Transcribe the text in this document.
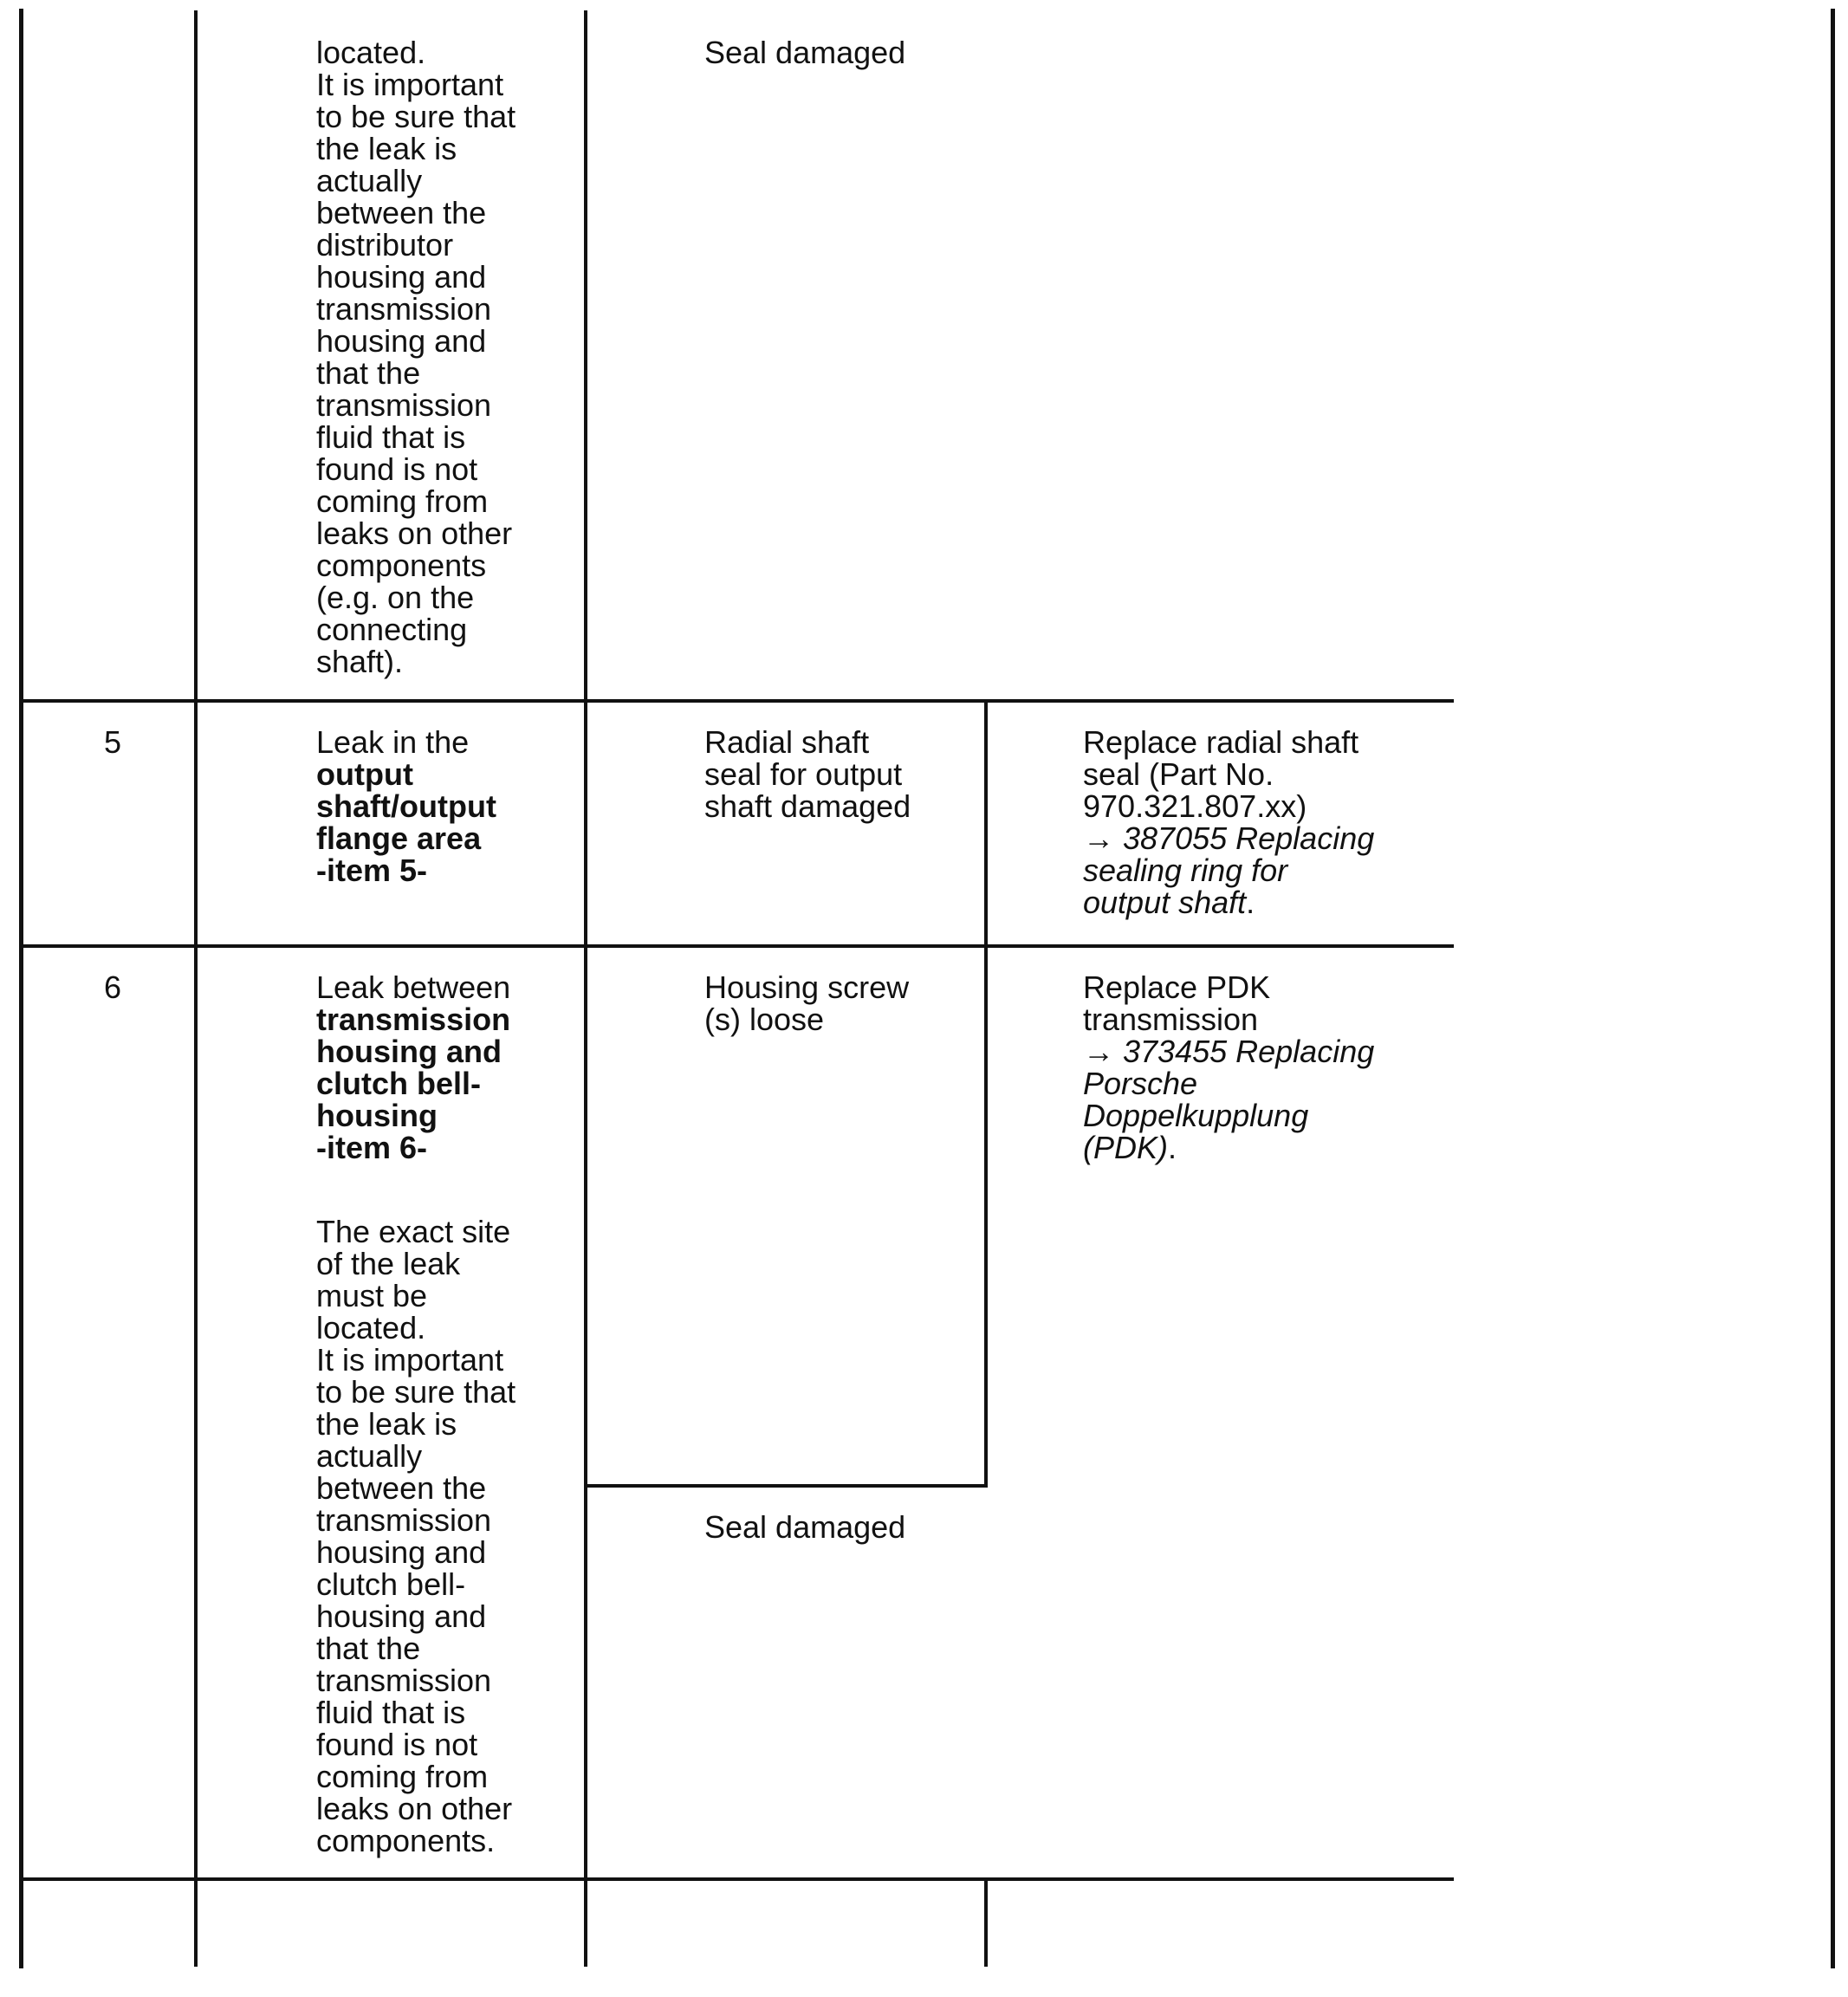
located.
It is important
to be sure that
the leak is
actually
between the
distributor
housing and
transmission
housing and
that the
transmission
fluid that is
found is not
coming from
leaks on other
components
(e.g. on the
connecting
shaft).
Seal damaged
5	Leak in the
output
shaft/output
flange area
-item 5-
Radial shaft
seal for output
shaft damaged
Replace radial shaft
seal (Part No.
970.321.807.xx)
→ 387055 Replacing
sealing ring for
output shaft.
6	Leak between
transmission
housing and
clutch bell-
housing
-item 6-
The exact site
of the leak
must be
located.
It is important
to be sure that
the leak is
actually
between the
transmission
housing and
clutch bell-
housing and
that the
transmission
fluid that is
found is not
coming from
leaks on other
components.
Housing screw
(s) loose
Seal damaged
Replace PDK
transmission
→ 373455 Replacing
Porsche
Doppelkupplung
(PDK).
